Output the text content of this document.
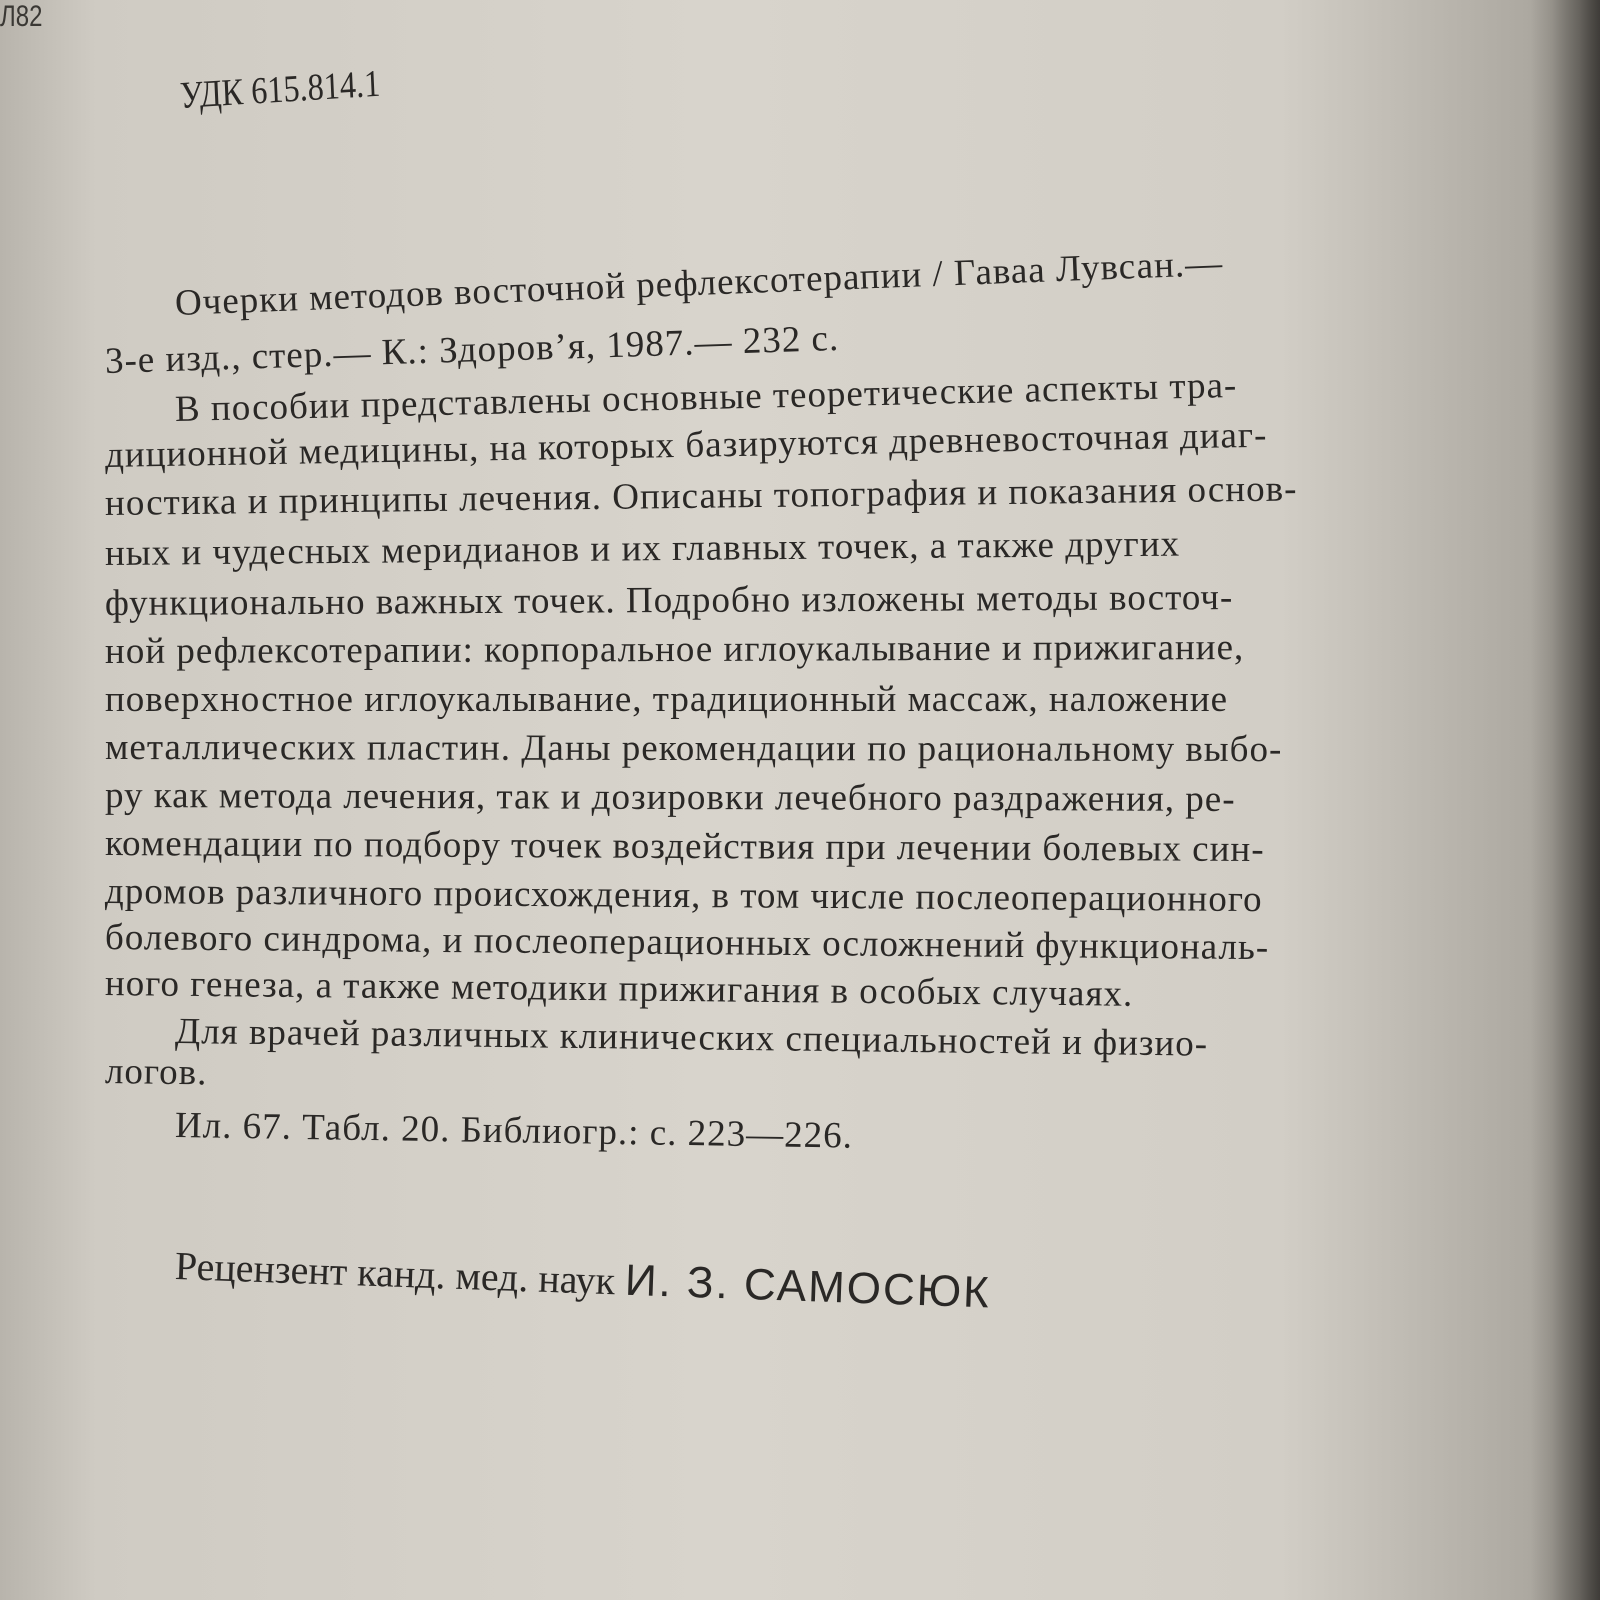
Л82
УДК 615.814.1
Очерки методов восточной рефлексотерапии / Гаваа Лувсан.—
3-е изд., стер.— К.: Здоров’я, 1987.— 232 с.
В пособии представлены основные теоретические аспекты тра-
диционной медицины, на которых базируются древневосточная диаг-
ностика и принципы лечения. Описаны топография и показания основ-
ных и чудесных меридианов и их главных точек, а также других
функционально важных точек. Подробно изложены методы восточ-
ной рефлексотерапии: корпоральное иглоукалывание и прижигание,
поверхностное иглоукалывание, традиционный массаж, наложение
металлических пластин. Даны рекомендации по рациональному выбо-
ру как метода лечения, так и дозировки лечебного раздражения, ре-
комендации по подбору точек воздействия при лечении болевых син-
дромов различного происхождения, в том числе послеоперационного
болевого синдрома, и послеоперационных осложнений функциональ-
ного генеза, а также методики прижигания в особых случаях.
Для врачей различных клинических специальностей и физио-
логов.
Ил. 67. Табл. 20. Библиогр.: с. 223—226.
Рецензент канд. мед. наук И. З. САМОСЮК
